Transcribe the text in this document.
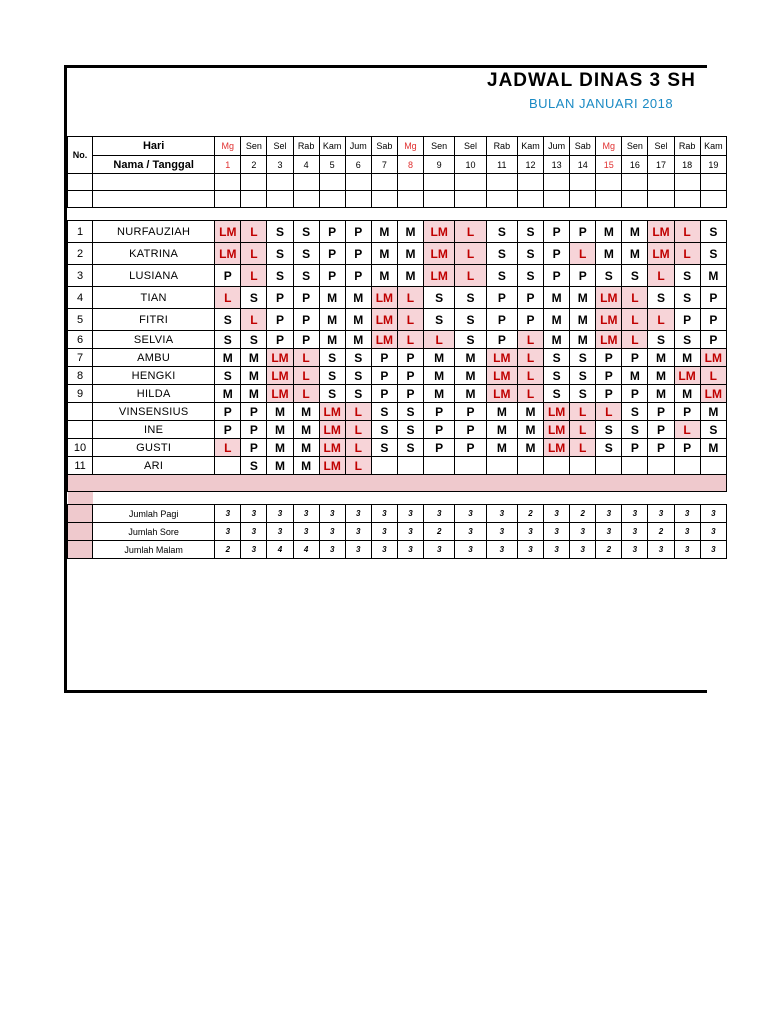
JADWAL DINAS 3 SH
BULAN JANUARI 2018
No.	Hari	Mg	Sen	Sel	Rab	Kam	Jum	Sab	Mg	Sen	Sel	Rab	Kam	Jum	Sab	Mg	Sen	Sel	Rab	Kam
	Nama / Tanggal	1	2	3	4	5	6	7	8	9	10	11	12	13	14	15	16	17	18	19

1	NURFAUZIAH	LM	L	S	S	P	P	M	M	LM	L	S	S	P	P	M	M	LM	L	S
2	KATRINA	LM	L	S	S	P	P	M	M	LM	L	S	S	P	L	M	M	LM	L	S
3	LUSIANA	P	L	S	S	P	P	M	M	LM	L	S	S	P	P	S	S	L	S	M
4	TIAN	L	S	P	P	M	M	LM	L	S	S	P	P	M	M	LM	L	S	S	P
5	FITRI	S	L	P	P	M	M	LM	L	S	S	P	P	M	M	LM	L	L	P	P
6	SELVIA	S	S	P	P	M	M	LM	L	L	S	P	L	M	M	LM	L	S	S	P
7	AMBU	M	M	LM	L	S	S	P	P	M	M	LM	L	S	S	P	P	M	M	LM
8	HENGKI	S	M	LM	L	S	S	P	P	M	M	LM	L	S	S	P	M	M	LM	L
9	HILDA	M	M	LM	L	S	S	P	P	M	M	LM	L	S	S	P	P	M	M	LM
	VINSENSIUS	P	P	M	M	LM	L	S	S	P	P	M	M	LM	L	L	S	P	P	M
	INE	P	P	M	M	LM	L	S	S	P	P	M	M	LM	L	S	S	P	L	S
10	GUSTI	L	P	M	M	LM	L	S	S	P	P	M	M	LM	L	S	P	P	P	M
11	ARI		S	M	M	LM	L													

	Jumlah Pagi	3	3	3	3	3	3	3	3	3	3	3	2	3	2	3	3	3	3	3
	Jumlah Sore	3	3	3	3	3	3	3	3	2	3	3	3	3	3	3	3	2	3	3
	Jumlah Malam	2	3	4	4	3	3	3	3	3	3	3	3	3	3	2	3	3	3	3
